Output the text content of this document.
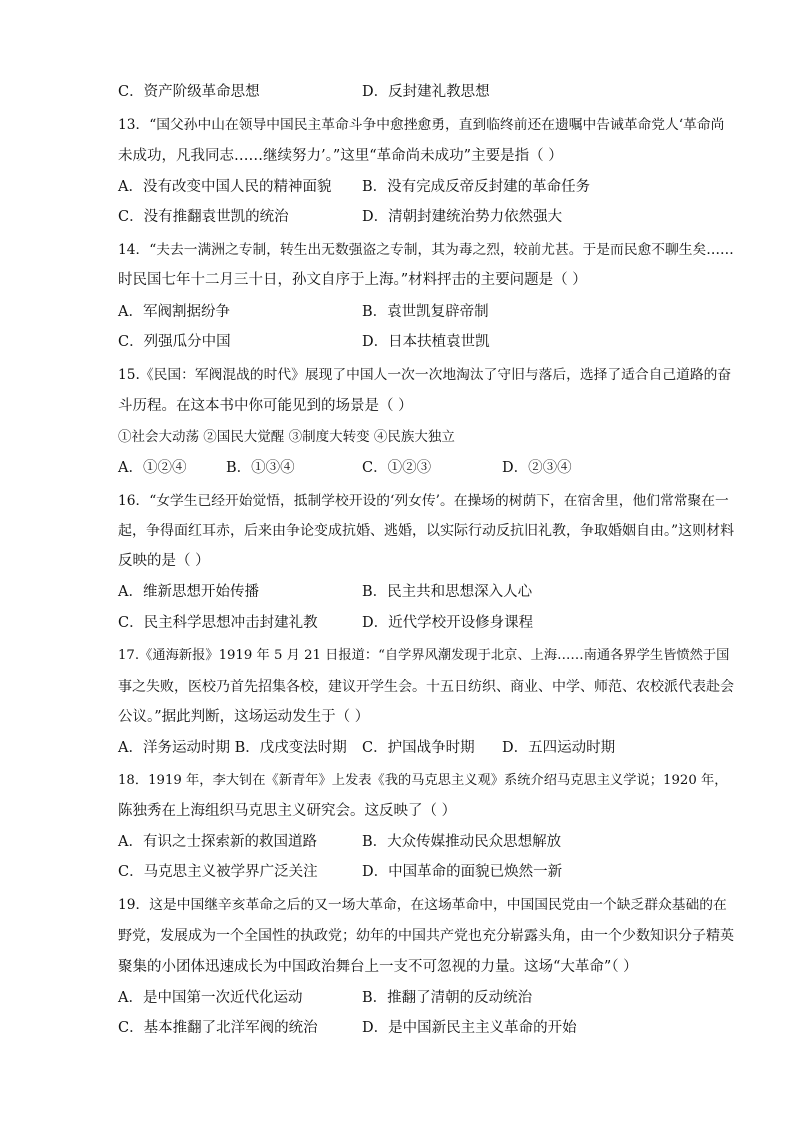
C．资产阶级革命思想	D．反封建礼教思想
13．“国父孙中山在领导中国民主革命斗争中愈挫愈勇，直到临终前还在遗嘱中告诫革命党人‘革命尚
未成功，凡我同志……继续努力’。”这里“革命尚未成功”主要是指（ ）
A．没有改变中国人民的精神面貌 B．没有完成反帝反封建的革命任务
C．没有推翻袁世凯的统治	D．清朝封建统治势力依然强大
14．“夫去一满洲之专制，转生出无数强盗之专制，其为毒之烈，较前尤甚。于是而民愈不聊生矣……
时民国七年十二月三十日，孙文自序于上海。”材料抨击的主要问题是（ ）
A．军阀割据纷争	B．袁世凯复辟帝制
C．列强瓜分中国	D．日本扶植袁世凯
15.《民国：军阀混战的时代》展现了中国人一次一次地淘汰了守旧与落后，选择了适合自己道路的奋
斗历程。在这本书中你可能见到的场景是（ ）
①社会大动荡 ②国民大觉醒 ③制度大转变 ④民族大独立
A．①②④	B．①③④	C．①②③	D．②③④
16．“女学生已经开始觉悟，抵制学校开设的‘列女传’。在操场的树荫下，在宿舍里，他们常常聚在一
起，争得面红耳赤，后来由争论变成抗婚、逃婚，以实际行动反抗旧礼教，争取婚姻自由。”这则材料
反映的是（ ）
A．维新思想开始传播	B．民主共和思想深入人心
C．民主科学思想冲击封建礼教	D．近代学校开设修身课程
17.《通海新报》1919 年 5 月 21 日报道：“自学界风潮发现于北京、上海……南通各界学生皆愤然于国
事之失败，医校乃首先招集各校，建议开学生会。十五日纺织、商业、中学、师范、农校派代表赴会
公议。”据此判断，这场运动发生于（ ）
A．洋务运动时期 B．戊戌变法时期 C．护国战争时期 D．五四运动时期
18．1919 年，李大钊在《新青年》上发表《我的马克思主义观》系统介绍马克思主义学说；1920 年，
陈独秀在上海组织马克思主义研究会。这反映了（ ）
A．有识之士探索新的救国道路	B．大众传媒推动民众思想解放
C．马克思主义被学界广泛关注	D．中国革命的面貌已焕然一新
19．这是中国继辛亥革命之后的又一场大革命，在这场革命中，中国国民党由一个缺乏群众基础的在
野党，发展成为一个全国性的执政党；幼年的中国共产党也充分崭露头角，由一个少数知识分子精英
聚集的小团体迅速成长为中国政治舞台上一支不可忽视的力量。这场“大革命”（ ）
A．是中国第一次近代化运动	B．推翻了清朝的反动统治
C．基本推翻了北洋军阀的统治	D．是中国新民主主义革命的开始
